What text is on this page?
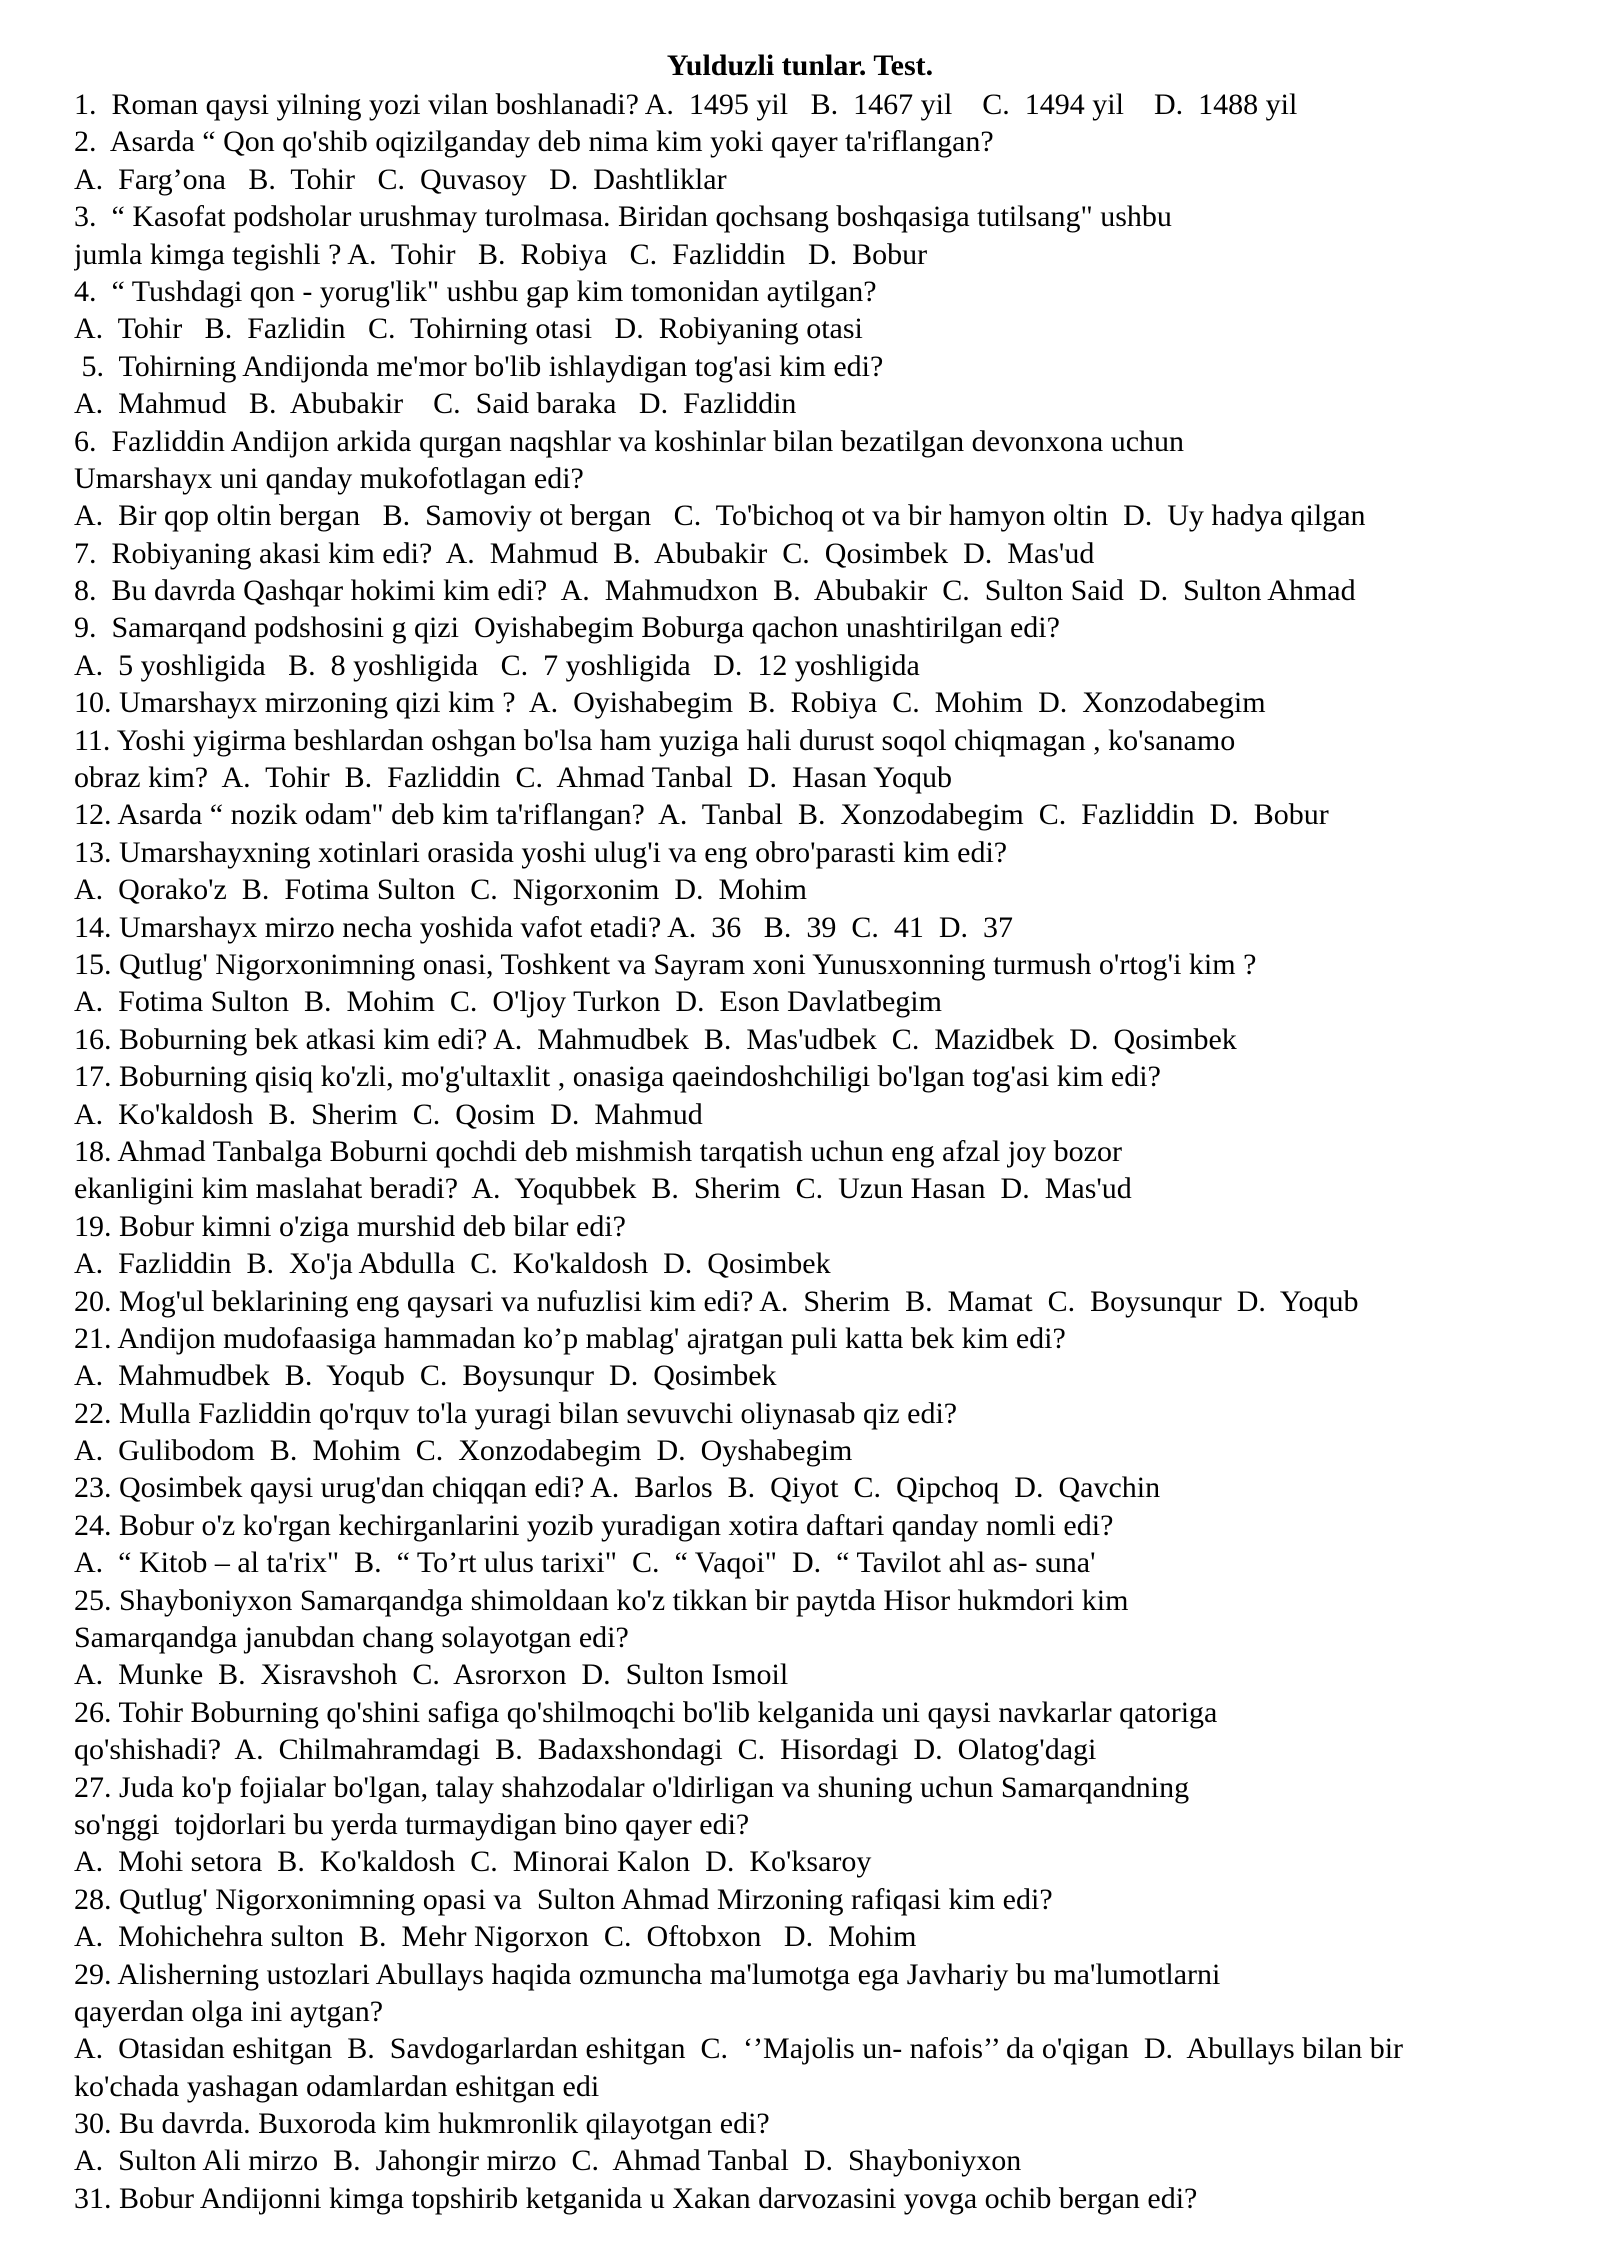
Yulduzli tunlar. Test.
1.  Roman qaysi yilning yozi vilan boshlanadi? A.  1495 yil   B.  1467 yil    C.  1494 yil    D.  1488 yil
2.  Asarda “ Qon qo'shib oqizilganday deb nima kim yoki qayer ta'riflangan?
A.  Farg’ona   B.  Tohir   C.  Quvasoy   D.  Dashtliklar
3.  “ Kasofat podsholar urushmay turolmasa. Biridan qochsang boshqasiga tutilsang" ushbu
jumla kimga tegishli ? A.  Tohir   B.  Robiya   C.  Fazliddin   D.  Bobur
4.  “ Tushdagi qon - yorug'lik" ushbu gap kim tomonidan aytilgan?
A.  Tohir   B.  Fazlidin   C.  Tohirning otasi   D.  Robiyaning otasi
5.  Tohirning Andijonda me'mor bo'lib ishlaydigan tog'asi kim edi?
A.  Mahmud   B.  Abubakir    C.  Said baraka   D.  Fazliddin
6.  Fazliddin Andijon arkida qurgan naqshlar va koshinlar bilan bezatilgan devonxona uchun
Umarshayx uni qanday mukofotlagan edi?
A.  Bir qop oltin bergan   B.  Samoviy ot bergan   C.  To'bichoq ot va bir hamyon oltin  D.  Uy hadya qilgan
7.  Robiyaning akasi kim edi?  A.  Mahmud  B.  Abubakir  C.  Qosimbek  D.  Mas'ud
8.  Bu davrda Qashqar hokimi kim edi?  A.  Mahmudxon  B.  Abubakir  C.  Sulton Said  D.  Sulton Ahmad
9.  Samarqand podshosini g qizi  Oyishabegim Boburga qachon unashtirilgan edi?
A.  5 yoshligida   B.  8 yoshligida   C.  7 yoshligida   D.  12 yoshligida
10. Umarshayx mirzoning qizi kim ?  A.  Oyishabegim  B.  Robiya  C.  Mohim  D.  Xonzodabegim
11. Yoshi yigirma beshlardan oshgan bo'lsa ham yuziga hali durust soqol chiqmagan , ko'sanamo
obraz kim?  A.  Tohir  B.  Fazliddin  C.  Ahmad Tanbal  D.  Hasan Yoqub
12. Asarda “ nozik odam" deb kim ta'riflangan?  A.  Tanbal  B.  Xonzodabegim  C.  Fazliddin  D.  Bobur
13. Umarshayxning xotinlari orasida yoshi ulug'i va eng obro'parasti kim edi?
A.  Qorako'z  B.  Fotima Sulton  C.  Nigorxonim  D.  Mohim
14. Umarshayx mirzo necha yoshida vafot etadi? A.  36   B.  39  C.  41  D.  37
15. Qutlug' Nigorxonimning onasi, Toshkent va Sayram xoni Yunusxonning turmush o'rtog'i kim ?
A.  Fotima Sulton  B.  Mohim  C.  O'ljoy Turkon  D.  Eson Davlatbegim
16. Boburning bek atkasi kim edi? A.  Mahmudbek  B.  Mas'udbek  C.  Mazidbek  D.  Qosimbek
17. Boburning qisiq ko'zli, mo'g'ultaxlit , onasiga qaeindoshchiligi bo'lgan tog'asi kim edi?
A.  Ko'kaldosh  B.  Sherim  C.  Qosim  D.  Mahmud
18. Ahmad Tanbalga Boburni qochdi deb mishmish tarqatish uchun eng afzal joy bozor
ekanligini kim maslahat beradi?  A.  Yoqubbek  B.  Sherim  C.  Uzun Hasan  D.  Mas'ud
19. Bobur kimni o'ziga murshid deb bilar edi?
A.  Fazliddin  B.  Xo'ja Abdulla  C.  Ko'kaldosh  D.  Qosimbek
20. Mog'ul beklarining eng qaysari va nufuzlisi kim edi? A.  Sherim  B.  Mamat  C.  Boysunqur  D.  Yoqub
21. Andijon mudofaasiga hammadan ko’p mablag' ajratgan puli katta bek kim edi?
A.  Mahmudbek  B.  Yoqub  C.  Boysunqur  D.  Qosimbek
22. Mulla Fazliddin qo'rquv to'la yuragi bilan sevuvchi oliynasab qiz edi?
A.  Gulibodom  B.  Mohim  C.  Xonzodabegim  D.  Oyshabegim
23. Qosimbek qaysi urug'dan chiqqan edi? A.  Barlos  B.  Qiyot  C.  Qipchoq  D.  Qavchin
24. Bobur o'z ko'rgan kechirganlarini yozib yuradigan xotira daftari qanday nomli edi?
A.  “ Kitob – al ta'rix"  B.  “ To’rt ulus tarixi"  C.  “ Vaqoi"  D.  “ Tavilot ahl as- suna'
25. Shayboniyxon Samarqandga shimoldaan ko'z tikkan bir paytda Hisor hukmdori kim
Samarqandga janubdan chang solayotgan edi?
A.  Munke  B.  Xisravshoh  C.  Asrorxon  D.  Sulton Ismoil
26. Tohir Boburning qo'shini safiga qo'shilmoqchi bo'lib kelganida uni qaysi navkarlar qatoriga
qo'shishadi?  A.  Chilmahramdagi  B.  Badaxshondagi  C.  Hisordagi  D.  Olatog'dagi
27. Juda ko'p fojialar bo'lgan, talay shahzodalar o'ldirligan va shuning uchun Samarqandning
so'nggi  tojdorlari bu yerda turmaydigan bino qayer edi?
A.  Mohi setora  B.  Ko'kaldosh  C.  Minorai Kalon  D.  Ko'ksaroy
28. Qutlug' Nigorxonimning opasi va  Sulton Ahmad Mirzoning rafiqasi kim edi?
A.  Mohichehra sulton  B.  Mehr Nigorxon  C.  Oftobxon   D.  Mohim
29. Alisherning ustozlari Abullays haqida ozmuncha ma'lumotga ega Javhariy bu ma'lumotlarni
qayerdan olga ini aytgan?
A.  Otasidan eshitgan  B.  Savdogarlardan eshitgan  C.  ‘’Majolis un- nafois’’ da o'qigan  D.  Abullays bilan bir
ko'chada yashagan odamlardan eshitgan edi
30. Bu davrda. Buxoroda kim hukmronlik qilayotgan edi?
A.  Sulton Ali mirzo  B.  Jahongir mirzo  C.  Ahmad Tanbal  D.  Shayboniyxon
31. Bobur Andijonni kimga topshirib ketganida u Xakan darvozasini yovga ochib bergan edi?
